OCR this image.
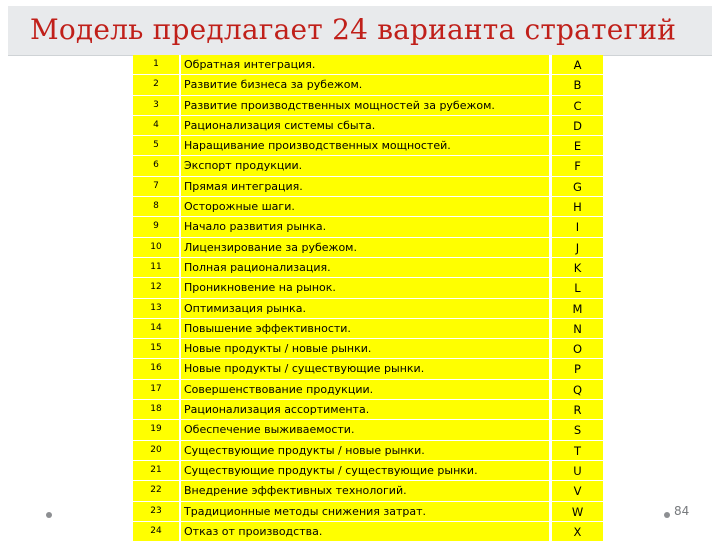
Модель предлагает 24 варианта стратегий
1	Обратная интеграция.	A
2	Развитие бизнеса за рубежом.	B
3	Развитие производственных мощностей за рубежом.	C
4	Рационализация системы сбыта.	D
5	Наращивание производственных мощностей.	E
6	Экспорт продукции.	F
7	Прямая интеграция.	G
8	Осторожные шаги.	H
9	Начало развития рынка.	I
10	Лицензирование за рубежом.	J
11	Полная рационализация.	K
12	Проникновение на рынок.	L
13	Оптимизация рынка.	M
14	Повышение эффективности.	N
15	Новые продукты / новые рынки.	O
16	Новые продукты / существующие рынки.	P
17	Совершенствование продукции.	Q
18	Рационализация ассортимента.	R
19	Обеспечение выживаемости.	S
20	Существующие продукты / новые рынки.	T
21	Существующие продукты / существующие рынки.	U
22	Внедрение эффективных технологий.	V
23	Традиционные методы снижения затрат.	W
24	Отказ от производства.	X
84
